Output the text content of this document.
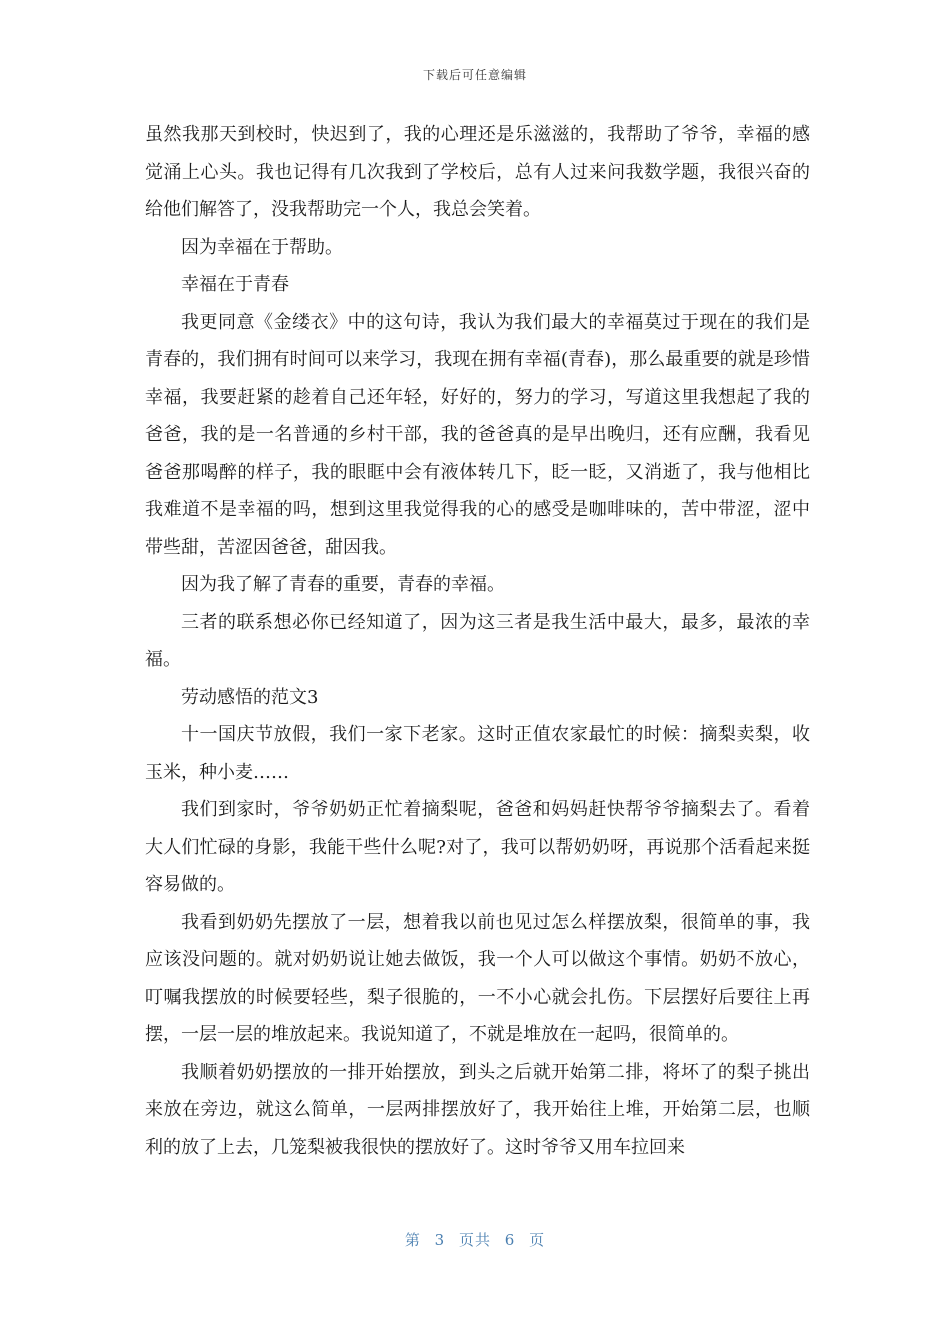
下载后可任意编辑

虽然我那天到校时，快迟到了，我的心理还是乐滋滋的，我帮助了爷爷，幸福的感觉涌上心头。我也记得有几次我到了学校后，总有人过来问我数学题，我很兴奋的给他们解答了，没我帮助完一个人，我总会笑着。

因为幸福在于帮助。

幸福在于青春

我更同意《金缕衣》中的这句诗，我认为我们最大的幸福莫过于现在的我们是青春的，我们拥有时间可以来学习，我现在拥有幸福(青春)，那么最重要的就是珍惜幸福，我要赶紧的趁着自己还年轻，好好的，努力的学习，写道这里我想起了我的爸爸，我的是一名普通的乡村干部，我的爸爸真的是早出晚归，还有应酬，我看见爸爸那喝醉的样子，我的眼眶中会有液体转几下，眨一眨，又消逝了，我与他相比我难道不是幸福的吗，想到这里我觉得我的心的感受是咖啡味的，苦中带涩，涩中带些甜，苦涩因爸爸，甜因我。

因为我了解了青春的重要，青春的幸福。

三者的联系想必你已经知道了，因为这三者是我生活中最大，最多，最浓的幸福。

劳动感悟的范文3

十一国庆节放假，我们一家下老家。这时正值农家最忙的时候：摘梨卖梨，收玉米，种小麦……

我们到家时，爷爷奶奶正忙着摘梨呢，爸爸和妈妈赶快帮爷爷摘梨去了。看着大人们忙碌的身影，我能干些什么呢?对了，我可以帮奶奶呀，再说那个活看起来挺容易做的。

我看到奶奶先摆放了一层，想着我以前也见过怎么样摆放梨，很简单的事，我应该没问题的。就对奶奶说让她去做饭，我一个人可以做这个事情。奶奶不放心，叮嘱我摆放的时候要轻些，梨子很脆的，一不小心就会扎伤。下层摆好后要往上再摆，一层一层的堆放起来。我说知道了，不就是堆放在一起吗，很简单的。

我顺着奶奶摆放的一排开始摆放，到头之后就开始第二排，将坏了的梨子挑出来放在旁边，就这么简单，一层两排摆放好了，我开始往上堆，开始第二层，也顺利的放了上去，几笼梨被我很快的摆放好了。这时爷爷又用车拉回来

第 3 页共 6 页
